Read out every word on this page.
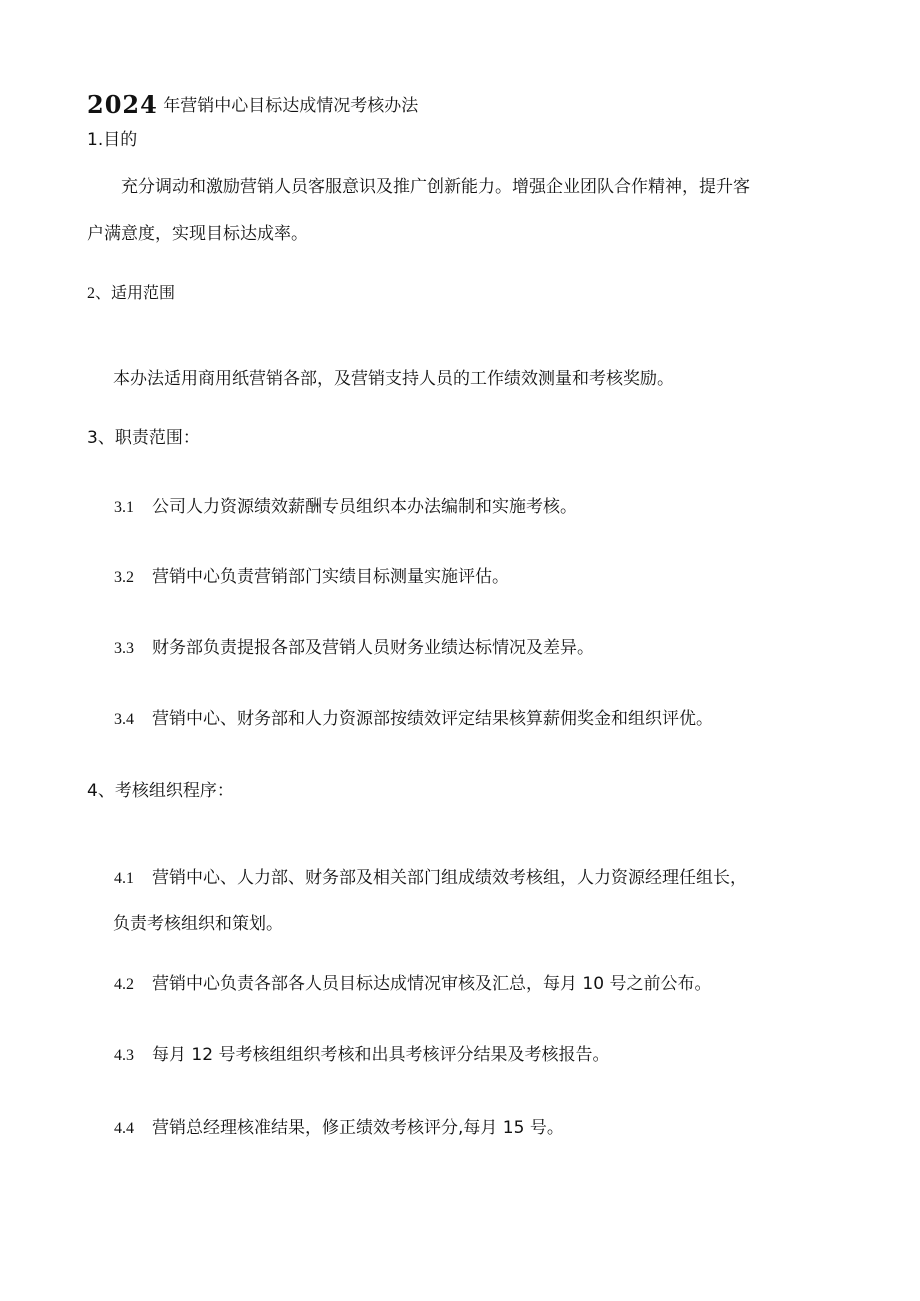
2024 年营销中心目标达成情况考核办法
1.目的
充分调动和激励营销人员客服意识及推广创新能力。增强企业团队合作精神，提升客
户满意度，实现目标达成率。
2、适用范围
本办法适用商用纸营销各部，及营销支持人员的工作绩效测量和考核奖励。
3、职责范围：
3.1 公司人力资源绩效薪酬专员组织本办法编制和实施考核。
3.2 营销中心负责营销部门实绩目标测量实施评估。
3.3 财务部负责提报各部及营销人员财务业绩达标情况及差异。
3.4 营销中心、财务部和人力资源部按绩效评定结果核算薪佣奖金和组织评优。
4、考核组织程序：
4.1 营销中心、人力部、财务部及相关部门组成绩效考核组，人力资源经理任组长，
负责考核组织和策划。
4.2 营销中心负责各部各人员目标达成情况审核及汇总，每月 10 号之前公布。
4.3 每月 12 号考核组组织考核和出具考核评分结果及考核报告。
4.4 营销总经理核准结果，修正绩效考核评分,每月 15 号。
